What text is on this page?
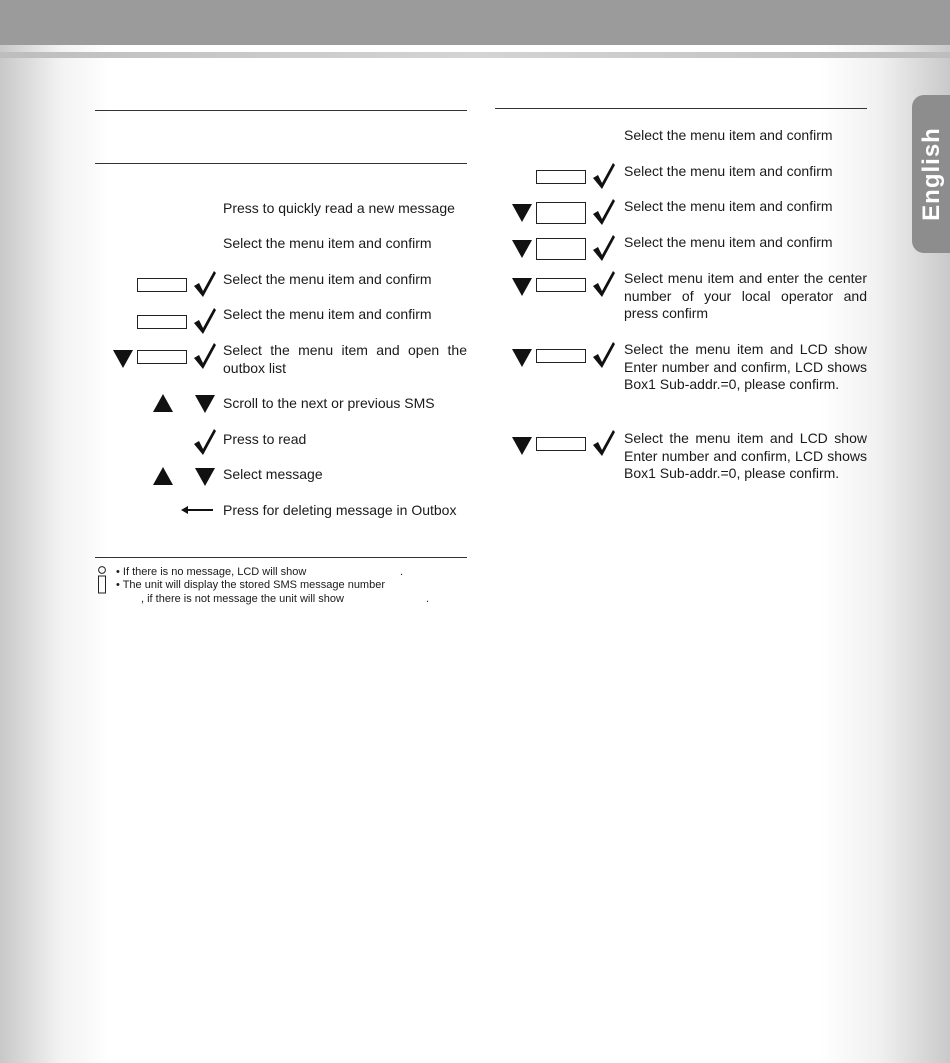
English
Press to quickly read a new message
Select the menu item and confirm
Select the menu item and confirm
Select the menu item and confirm
Select the menu item and open the outbox list
Scroll to the next or previous SMS
Press to read
Select message
Press for deleting message in Outbox
• If there is no message, LCD will show	.
• The unit will display the stored SMS message number
, if there is not message the unit will show	.
Select the menu item and confirm
Select the menu item and confirm
Select the menu item and confirm
Select the menu item and confirm
Select menu item and enter the center number of your local operator and press confirm
Select the menu item and LCD show Enter number and confirm, LCD shows Box1 Sub-addr.=0, please confirm.
Select the menu item and LCD show Enter number and confirm, LCD shows Box1 Sub-addr.=0, please confirm.
